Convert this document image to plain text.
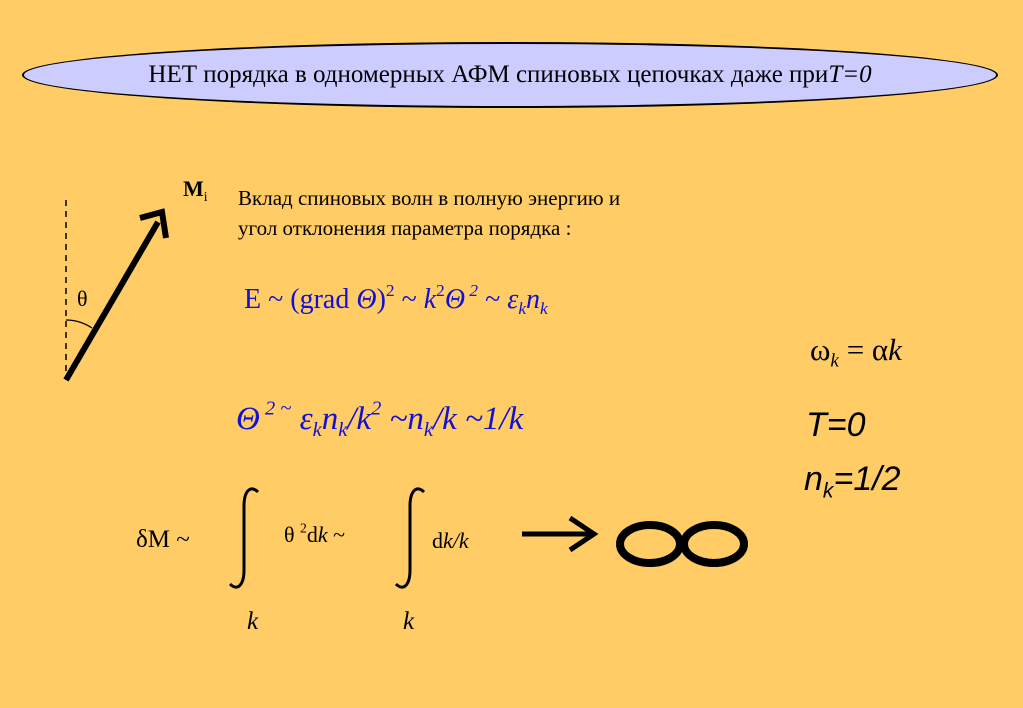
НЕТ порядка в одномерных АФМ спиновых цепочках даже при T=0
$M_i$
θ
Вклад спиновых волн в полную энергию и
угол отклонения параметра порядка :
E ~ (grad Θ)$^2$ ~ $k^2\Theta$ $^2$ ~ $\varepsilon_kn_k$
Θ $^{2 \sim}$ $\varepsilon_kn_k/k^2$ $\sim n_k/k$ ~1/k
$\omega_k = \alpha k$
T=0
$n_k=1/2$
δM ~	θ $^2$dk ~	dk/k
k	k
∞
